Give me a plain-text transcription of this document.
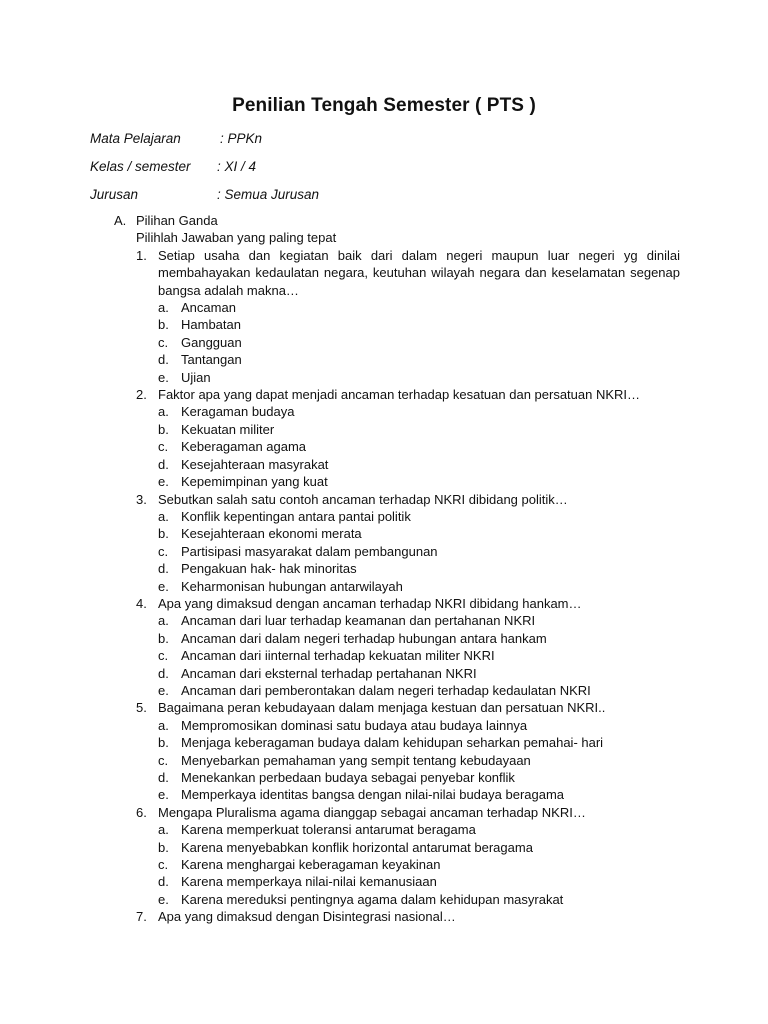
Penilian Tengah Semester ( PTS )
Mata Pelajaran	: PPKn
Kelas / semester : XI / 4
Jurusan	: Semua Jurusan
A. Pilihan Ganda
Pilihlah Jawaban yang paling tepat
1. Setiap usaha dan kegiatan baik dari dalam negeri maupun luar negeri yg dinilai
membahayakan kedaulatan negara, keutuhan wilayah negara dan keselamatan segenap
bangsa adalah makna…
a. Ancaman
b. Hambatan
c. Gangguan
d. Tantangan
e. Ujian
2. Faktor apa yang dapat menjadi ancaman terhadap kesatuan dan persatuan NKRI…
a. Keragaman budaya
b. Kekuatan militer
c. Keberagaman agama
d. Kesejahteraan masyrakat
e. Kepemimpinan yang kuat
3. Sebutkan salah satu contoh ancaman terhadap NKRI dibidang politik…
a. Konflik kepentingan antara pantai politik
b. Kesejahteraan ekonomi merata
c. Partisipasi masyarakat dalam pembangunan
d. Pengakuan hak- hak minoritas
e. Keharmonisan hubungan antarwilayah
4. Apa yang dimaksud dengan ancaman terhadap NKRI dibidang hankam…
a. Ancaman dari luar terhadap keamanan dan pertahanan NKRI
b. Ancaman dari dalam negeri terhadap hubungan antara hankam
c. Ancaman dari iinternal terhadap kekuatan militer NKRI
d. Ancaman dari eksternal terhadap pertahanan NKRI
e. Ancaman dari pemberontakan dalam negeri terhadap kedaulatan NKRI
5. Bagaimana peran kebudayaan dalam menjaga kestuan dan persatuan NKRI..
a. Mempromosikan dominasi satu budaya atau budaya lainnya
b. Menjaga keberagaman budaya dalam kehidupan seharkan pemahai- hari
c. Menyebarkan pemahaman yang sempit tentang kebudayaan
d. Menekankan perbedaan budaya sebagai penyebar konflik
e. Memperkaya identitas bangsa dengan nilai-nilai budaya beragama
6. Mengapa Pluralisma agama dianggap sebagai ancaman terhadap NKRI…
a. Karena memperkuat toleransi antarumat beragama
b. Karena menyebabkan konflik horizontal antarumat beragama
c. Karena menghargai keberagaman keyakinan
d. Karena memperkaya nilai-nilai kemanusiaan
e. Karena mereduksi pentingnya agama dalam kehidupan masyrakat
7. Apa yang dimaksud dengan Disintegrasi nasional…
